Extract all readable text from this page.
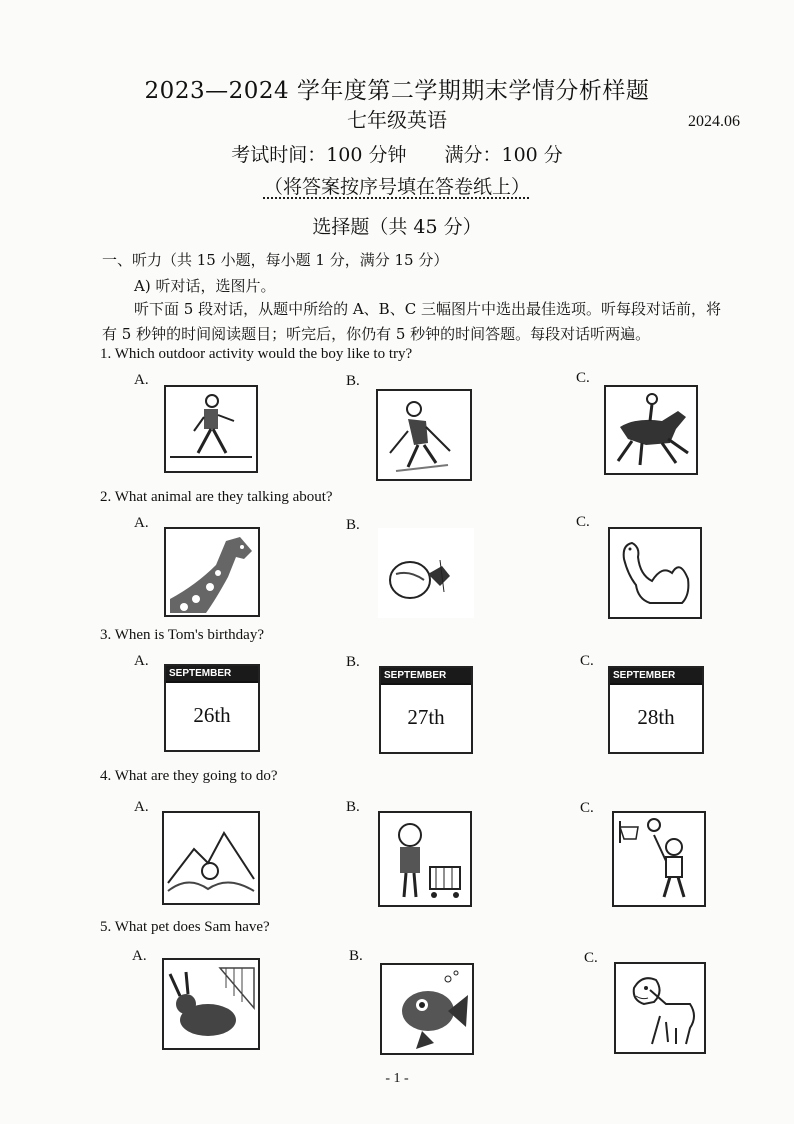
2023—2024 学年度第二学期期末学情分析样题
七年级英语	2024.06
考试时间：100 分钟　　满分：100 分
（将答案按序号填在答卷纸上）
选择题（共 45 分）
一、听力（共 15 小题，每小题 1 分，满分 15 分）
A) 听对话，选图片。
听下面 5 段对话，从题中所给的 A、B、C 三幅图片中选出最佳选项。听每段对话前，将有 5 秒钟的时间阅读题目；听完后，你仍有 5 秒钟的时间答题。每段对话听两遍。
1. Which outdoor activity would the boy like to try?
A.	B.	C.
2. What animal are they talking about?
A.	B.	C.
3. When is Tom's birthday?
A.	B.	C.
SEPTEMBER
26th
SEPTEMBER
27th
SEPTEMBER
28th
4. What are they going to do?
A.	B.	C.
5. What pet does Sam have?
A.	B.	C.
- 1 -
